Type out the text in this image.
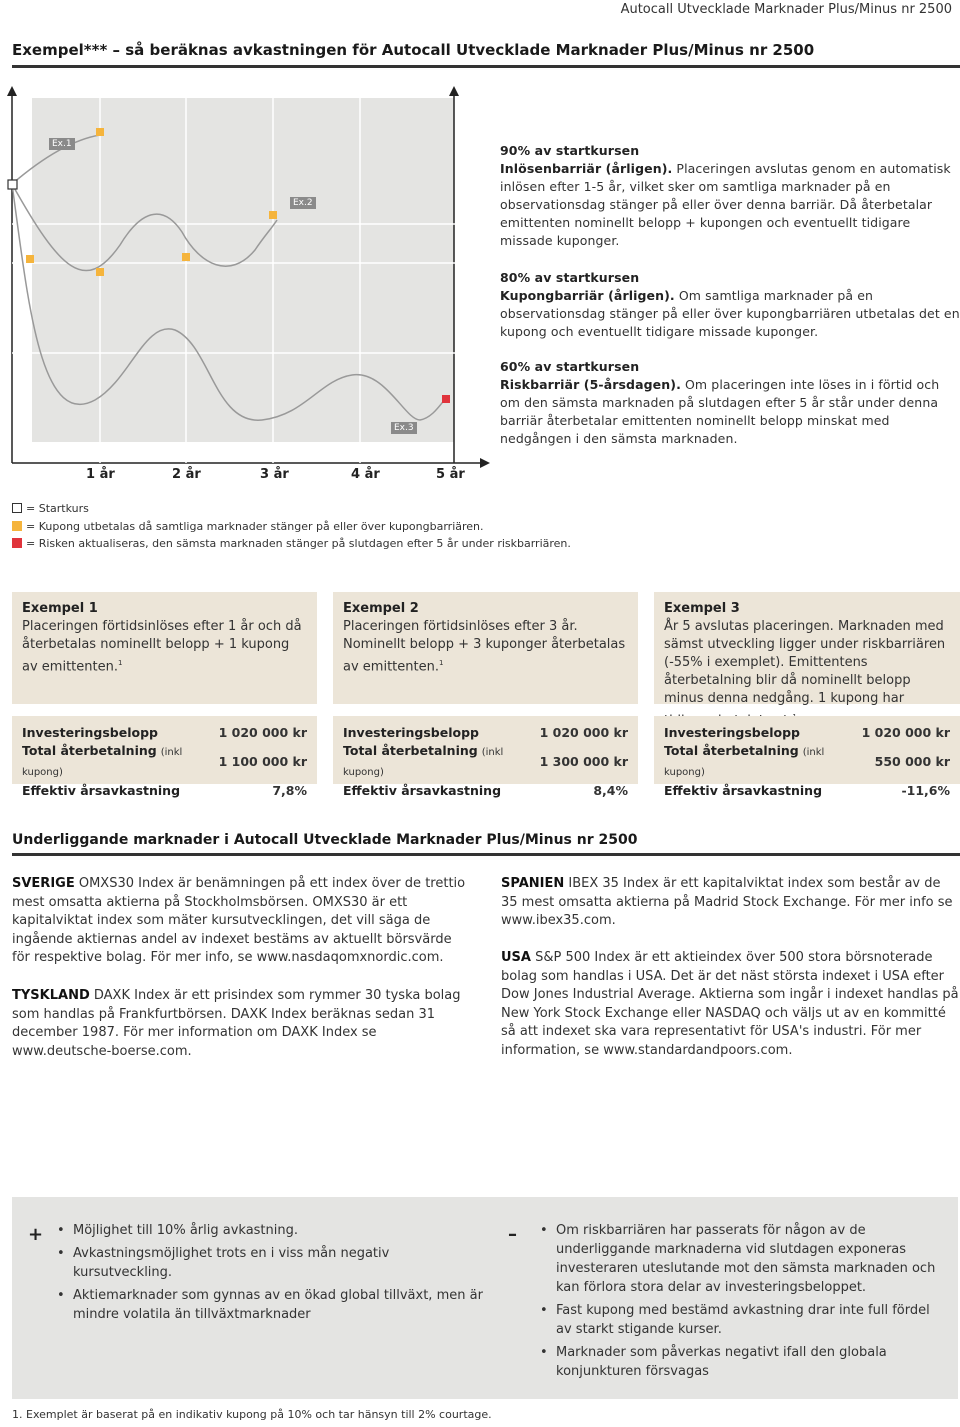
Autocall Utvecklade Marknader Plus/Minus nr 2500
Exempel*** – så beräknas avkastningen för Autocall Utvecklade Marknader Plus/Minus nr 2500
Ex.1
Ex.2
Ex.3
1 år	2 år	3 år	4 år	5 år
90% av startkursen
Inlösenbarriär (årligen). Placeringen avslutas genom en automatisk inlösen efter 1-5 år, vilket sker om samtliga marknader på en observationsdag stänger på eller över denna barriär. Då återbetalar emittenten nominellt belopp + kupongen och eventuellt tidigare missade kuponger.
80% av startkursen
Kupongbarriär (årligen). Om samtliga marknader på en observationsdag stänger på eller över kupongbarriären utbetalas det en kupong och eventuellt tidigare missade kuponger.
60% av startkursen
Riskbarriär (5-årsdagen). Om placeringen inte löses in i förtid och om den sämsta marknaden på slutdagen efter 5 år står under denna barriär återbetalar emittenten nominellt belopp minskat med nedgången i den sämsta marknaden.
= Startkurs
= Kupong utbetalas då samtliga marknader stänger på eller över kupongbarriären.
= Risken aktualiseras, den sämsta marknaden stänger på slutdagen efter 5 år under riskbarriären.
Exempel 1
Placeringen förtidsinlöses efter 1 år och då återbetalas nominellt belopp + 1 kupong av emittenten.$^1$
Investeringsbelopp	1 020 000 kr
Total återbetalning (inkl kupong)	1 100 000 kr
Effektiv årsavkastning	7,8%
Exempel 2
Placeringen förtidsinlöses efter 3 år. Nominellt belopp + 3 kuponger återbetalas av emittenten.$^1$
Investeringsbelopp	1 020 000 kr
Total återbetalning (inkl kupong)	1 300 000 kr
Effektiv årsavkastning	8,4%
Exempel 3
År 5 avslutas placeringen. Marknaden med sämst utveckling ligger under riskbarriären (-55% i exemplet). Emittentens återbetalning blir då nominellt belopp minus denna nedgång. 1 kupong har
Investeringsbelopp	1 020 000 kr
Total återbetalning (inkl kupong)	550 000 kr
Effektiv årsavkastning	-11,6%
Underliggande marknader i Autocall Utvecklade Marknader Plus/Minus nr 2500
SVERIGE OMXS30 Index är benämningen på ett index över de trettio mest omsatta aktierna på Stockholmsbörsen. OMXS30 är ett kapitalviktat index som mäter kursutvecklingen, det vill säga de ingående aktiernas andel av indexet bestäms av aktuellt börsvärde för respektive bolag. För mer info, se www.nasdaqomxnordic.com.
TYSKLAND DAXK Index är ett prisindex som rymmer 30 tyska bolag som handlas på Frankfurtbörsen. DAXK Index beräknas sedan 31 december 1987. För mer information om DAXK Index se www.deutsche-boerse.com.
SPANIEN IBEX 35 Index är ett kapitalviktat index som består av de 35 mest omsatta aktierna på Madrid Stock Exchange. För mer info se www.ibex35.com.
USA S&P 500 Index är ett aktieindex över 500 stora börsnoterade bolag som handlas i USA. Det är det näst största indexet i USA efter Dow Jones Industrial Average. Aktierna som ingår i indexet handlas på New York Stock Exchange eller NASDAQ och väljs ut av en kommitté så att indexet ska vara representativt för USA's industri. För mer information, se www.standardandpoors.com.
+	• Möjlighet till 10% årlig avkastning.
• Avkastningsmöjlighet trots en i viss mån negativ kursutveckling.
• Aktiemarknader som gynnas av en ökad global tillväxt, men är mindre volatila än tillväxtmarknader
–	• Om riskbarriären har passerats för någon av de underliggande marknaderna vid slutdagen exponeras investeraren uteslutande mot den sämsta marknaden och kan förlora stora delar av investeringsbeloppet.
• Fast kupong med bestämd avkastning drar inte full fördel av starkt stigande kurser.
• Marknader som påverkas negativt ifall den globala konjunkturen försvagas
1. Exemplet är baserat på en indikativ kupong på 10% och tar hänsyn till 2% courtage.
